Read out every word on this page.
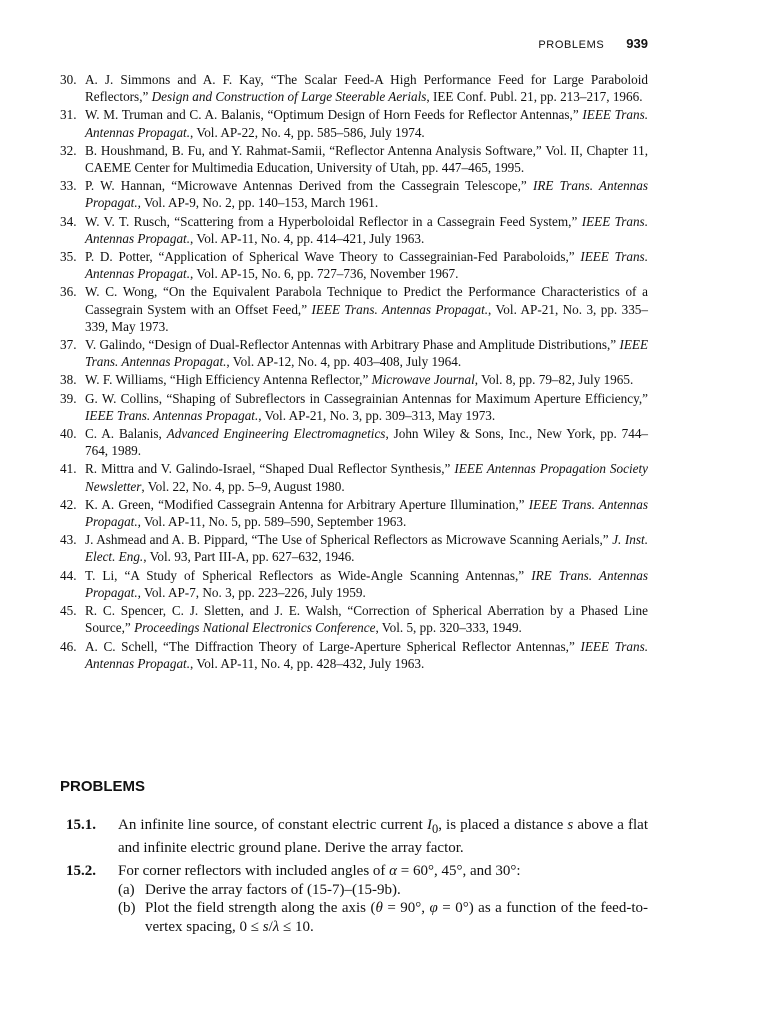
PROBLEMS 939
30. A. J. Simmons and A. F. Kay, “The Scalar Feed-A High Performance Feed for Large Paraboloid Reflectors,” Design and Construction of Large Steerable Aerials, IEE Conf. Publ. 21, pp. 213–217, 1966.
31. W. M. Truman and C. A. Balanis, “Optimum Design of Horn Feeds for Reflector Antennas,” IEEE Trans. Antennas Propagat., Vol. AP-22, No. 4, pp. 585–586, July 1974.
32. B. Houshmand, B. Fu, and Y. Rahmat-Samii, “Reflector Antenna Analysis Software,” Vol. II, Chapter 11, CAEME Center for Multimedia Education, University of Utah, pp. 447–465, 1995.
33. P. W. Hannan, “Microwave Antennas Derived from the Cassegrain Telescope,” IRE Trans. Antennas Propagat., Vol. AP-9, No. 2, pp. 140–153, March 1961.
34. W. V. T. Rusch, “Scattering from a Hyperboloidal Reflector in a Cassegrain Feed System,” IEEE Trans. Antennas Propagat., Vol. AP-11, No. 4, pp. 414–421, July 1963.
35. P. D. Potter, “Application of Spherical Wave Theory to Cassegrainian-Fed Paraboloids,” IEEE Trans. Antennas Propagat., Vol. AP-15, No. 6, pp. 727–736, November 1967.
36. W. C. Wong, “On the Equivalent Parabola Technique to Predict the Performance Characteristics of a Cassegrain System with an Offset Feed,” IEEE Trans. Antennas Propagat., Vol. AP-21, No. 3, pp. 335–339, May 1973.
37. V. Galindo, “Design of Dual-Reflector Antennas with Arbitrary Phase and Amplitude Distributions,” IEEE Trans. Antennas Propagat., Vol. AP-12, No. 4, pp. 403–408, July 1964.
38. W. F. Williams, “High Efficiency Antenna Reflector,” Microwave Journal, Vol. 8, pp. 79–82, July 1965.
39. G. W. Collins, “Shaping of Subreflectors in Cassegrainian Antennas for Maximum Aperture Efficiency,” IEEE Trans. Antennas Propagat., Vol. AP-21, No. 3, pp. 309–313, May 1973.
40. C. A. Balanis, Advanced Engineering Electromagnetics, John Wiley & Sons, Inc., New York, pp. 744–764, 1989.
41. R. Mittra and V. Galindo-Israel, “Shaped Dual Reflector Synthesis,” IEEE Antennas Propagation Society Newsletter, Vol. 22, No. 4, pp. 5–9, August 1980.
42. K. A. Green, “Modified Cassegrain Antenna for Arbitrary Aperture Illumination,” IEEE Trans. Antennas Propagat., Vol. AP-11, No. 5, pp. 589–590, September 1963.
43. J. Ashmead and A. B. Pippard, “The Use of Spherical Reflectors as Microwave Scanning Aerials,” J. Inst. Elect. Eng., Vol. 93, Part III-A, pp. 627–632, 1946.
44. T. Li, “A Study of Spherical Reflectors as Wide-Angle Scanning Antennas,” IRE Trans. Antennas Propagat., Vol. AP-7, No. 3, pp. 223–226, July 1959.
45. R. C. Spencer, C. J. Sletten, and J. E. Walsh, “Correction of Spherical Aberration by a Phased Line Source,” Proceedings National Electronics Conference, Vol. 5, pp. 320–333, 1949.
46. A. C. Schell, “The Diffraction Theory of Large-Aperture Spherical Reflector Antennas,” IEEE Trans. Antennas Propagat., Vol. AP-11, No. 4, pp. 428–432, July 1963.
PROBLEMS
15.1. An infinite line source, of constant electric current $I_0$, is placed a distance s above a flat and infinite electric ground plane. Derive the array factor.
15.2. For corner reflectors with included angles of α = 60°, 45°, and 30°:
(a) Derive the array factors of (15-7)–(15-9b).
(b) Plot the field strength along the axis (θ = 90°, φ = 0°) as a function of the feed-to-vertex spacing, 0 ≤ s/λ ≤ 10.
